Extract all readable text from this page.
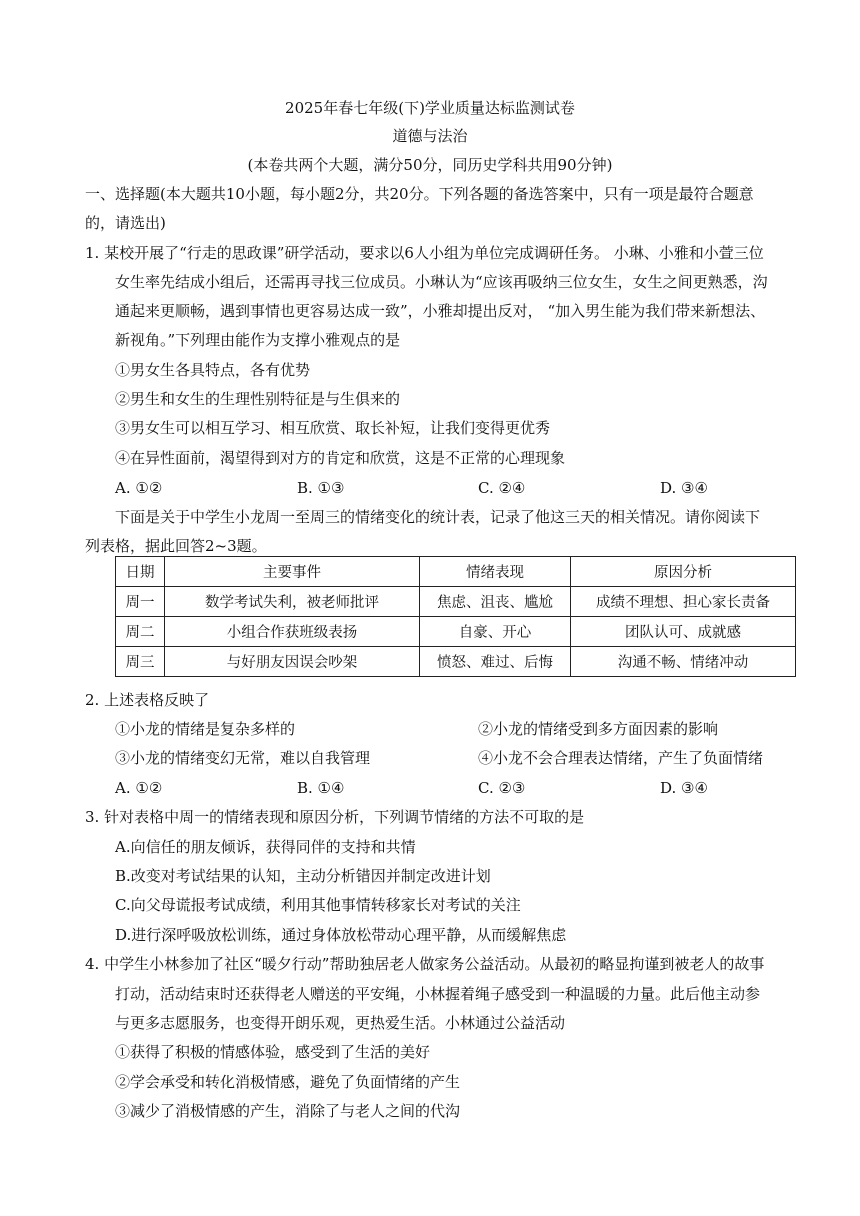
2025年春七年级(下)学业质量达标监测试卷
道德与法治
(本卷共两个大题，满分50分，同历史学科共用90分钟)
一、选择题(本大题共10小题，每小题2分，共20分。下列各题的备选答案中，只有一项是最符合题意
的，请选出)
1. 某校开展了“行走的思政课”研学活动，要求以6人小组为单位完成调研任务。 小琳、小雅和小萱三位
女生率先结成小组后，还需再寻找三位成员。小琳认为“应该再吸纳三位女生，女生之间更熟悉，沟
通起来更顺畅，遇到事情也更容易达成一致”，小雅却提出反对， “加入男生能为我们带来新想法、
新视角。”下列理由能作为支撑小雅观点的是
①男女生各具特点，各有优势
②男生和女生的生理性别特征是与生俱来的
③男女生可以相互学习、相互欣赏、取长补短，让我们变得更优秀
④在异性面前，渴望得到对方的肯定和欣赏，这是不正常的心理现象
A. ①②	B. ①③	C. ②④	D. ③④
下面是关于中学生小龙周一至周三的情绪变化的统计表，记录了他这三天的相关情况。请你阅读下
列表格，据此回答2~3题。
日期	主要事件	情绪表现	原因分析
周一	数学考试失利，被老师批评	焦虑、沮丧、尴尬	成绩不理想、担心家长责备
周二	小组合作获班级表扬	自豪、开心	团队认可、成就感
周三	与好朋友因误会吵架	愤怒、难过、后悔	沟通不畅、情绪冲动
2. 上述表格反映了
①小龙的情绪是复杂多样的	②小龙的情绪受到多方面因素的影响
③小龙的情绪变幻无常，难以自我管理	④小龙不会合理表达情绪，产生了负面情绪
A. ①②	B. ①④	C. ②③	D. ③④
3. 针对表格中周一的情绪表现和原因分析，下列调节情绪的方法不可取的是
A.向信任的朋友倾诉，获得同伴的支持和共情
B.改变对考试结果的认知，主动分析错因并制定改进计划
C.向父母谎报考试成绩，利用其他事情转移家长对考试的关注
D.进行深呼吸放松训练，通过身体放松带动心理平静，从而缓解焦虑
4. 中学生小林参加了社区“暖夕行动”帮助独居老人做家务公益活动。从最初的略显拘谨到被老人的故事
打动，活动结束时还获得老人赠送的平安绳，小林握着绳子感受到一种温暖的力量。此后他主动参
与更多志愿服务，也变得开朗乐观，更热爱生活。小林通过公益活动
①获得了积极的情感体验，感受到了生活的美好
②学会承受和转化消极情感，避免了负面情绪的产生
③减少了消极情感的产生，消除了与老人之间的代沟
